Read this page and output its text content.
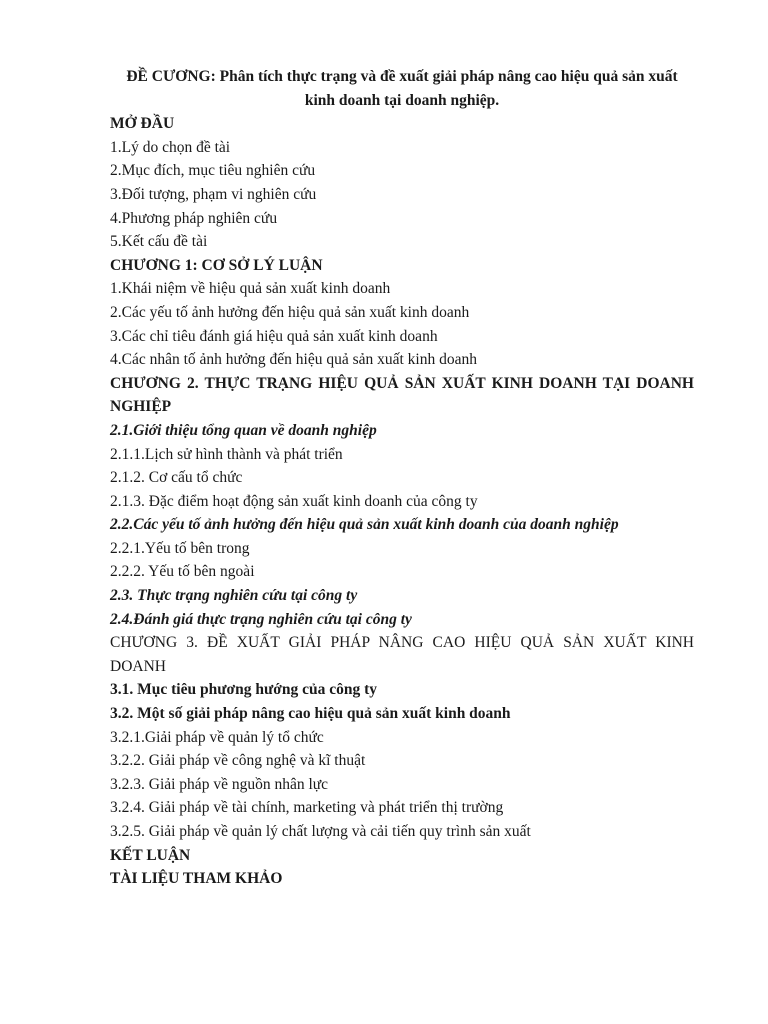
ĐỀ CƯƠNG: Phân tích thực trạng và đề xuất giải pháp nâng cao hiệu quả sản xuất kinh doanh tại doanh nghiệp.
MỞ ĐẦU
1.Lý do chọn đề tài
2.Mục đích, mục tiêu nghiên cứu
3.Đối tượng, phạm vi nghiên cứu
4.Phương pháp nghiên cứu
5.Kết cấu đề tài
CHƯƠNG 1: CƠ SỞ LÝ LUẬN
1.Khái niệm về hiệu quả sản xuất kinh doanh
2.Các yếu tố ảnh hưởng đến hiệu quả sản xuất kinh doanh
3.Các chỉ tiêu đánh giá hiệu quả sản xuất kinh doanh
4.Các nhân tố ảnh hưởng đến hiệu quả sản xuất kinh doanh
CHƯƠNG 2. THỰC TRẠNG HIỆU QUẢ SẢN XUẤT KINH DOANH TẠI DOANH NGHIỆP
2.1.Giới thiệu tổng quan về doanh nghiệp
2.1.1.Lịch sử hình thành và phát triển
2.1.2. Cơ cấu tổ chức
2.1.3. Đặc điểm hoạt động sản xuất kinh doanh của công ty
2.2.Các yếu tố ảnh hưởng đến hiệu quả sản xuất kinh doanh của doanh nghiệp
2.2.1.Yếu tố bên trong
2.2.2. Yếu tố bên ngoài
2.3. Thực trạng nghiên cứu tại công ty
2.4.Đánh giá thực trạng nghiên cứu tại công ty
CHƯƠNG 3. ĐỀ XUẤT GIẢI PHÁP NÂNG CAO HIỆU QUẢ SẢN XUẤT KINH DOANH
3.1. Mục tiêu phương hướng của công ty
3.2. Một số giải pháp nâng cao hiệu quả sản xuất kinh doanh
3.2.1.Giải pháp về quản lý tổ chức
3.2.2. Giải pháp về công nghệ và kĩ thuật
3.2.3. Giải pháp về nguồn nhân lực
3.2.4. Giải pháp về tài chính, marketing và phát triển thị trường
3.2.5. Giải pháp về quản lý chất lượng và cải tiến quy trình sản xuất
KẾT LUẬN
TÀI LIỆU THAM KHẢO
